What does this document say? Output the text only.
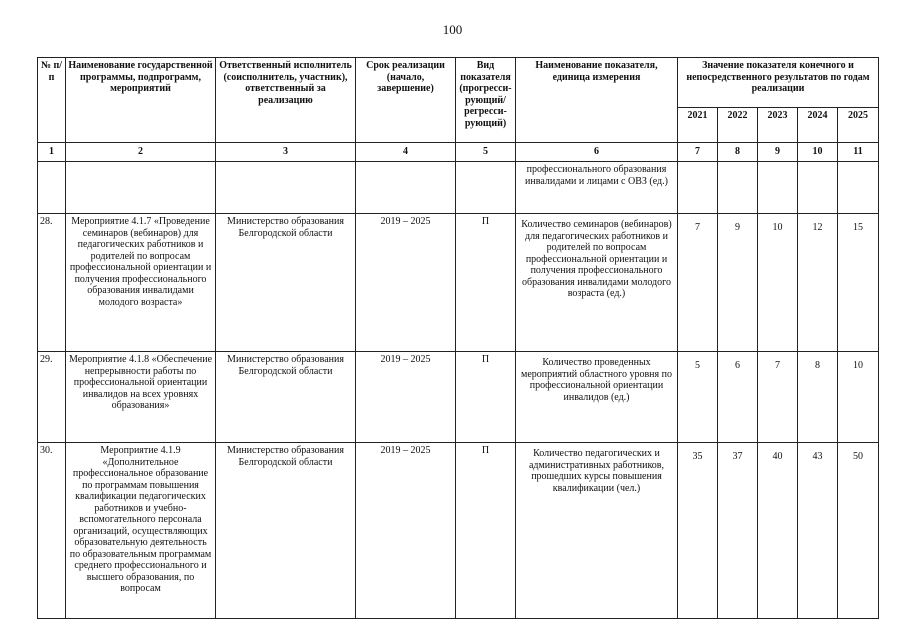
100
№ п/п	Наименование государственной программы, подпрограмм, мероприятий	Ответственный исполнитель (соисполнитель, участник), ответственный за реализацию	Срок реализации (начало, завершение)	Вид показателя (прогресси-рующий/ регресси-рующий)	Наименование показателя, единица измерения	Значение показателя конечного и непосредственного результатов по годам реализации				
						2021	2022	2023	2024	2025
1	2	3	4	5	6	7	8	9	10	11
					профессионального образования инвалидами и лицами с ОВЗ (ед.)					
28.	Мероприятие 4.1.7 «Проведение семинаров (вебинаров) для педагогических работников и родителей по вопросам профессиональной ориентации и получения профессионального образования инвалидами молодого возраста»	Министерство образования Белгородской области	2019 – 2025	П	Количество семинаров (вебинаров) для педагогических работников и родителей по вопросам профессиональной ориентации и получения профессионального образования инвалидами молодого возраста (ед.)	7	9	10	12	15
29.	Мероприятие 4.1.8 «Обеспечение непрерывности работы по профессиональной ориентации инвалидов на всех уровнях образования»	Министерство образования Белгородской области	2019 – 2025	П	Количество проведенных мероприятий областного уровня по профессиональной ориентации инвалидов (ед.)	5	6	7	8	10
30.	Мероприятие 4.1.9 «Дополнительное профессиональное образование по программам повышения квалификации педагогических работников и учебно-вспомогательного персонала организаций, осуществляющих образовательную деятельность по образовательным программам среднего профессионального и высшего образования, по вопросам	Министерство образования Белгородской области	2019 – 2025	П	Количество педагогических и административных работников, прошедших курсы повышения квалификации (чел.)	35	37	40	43	50
